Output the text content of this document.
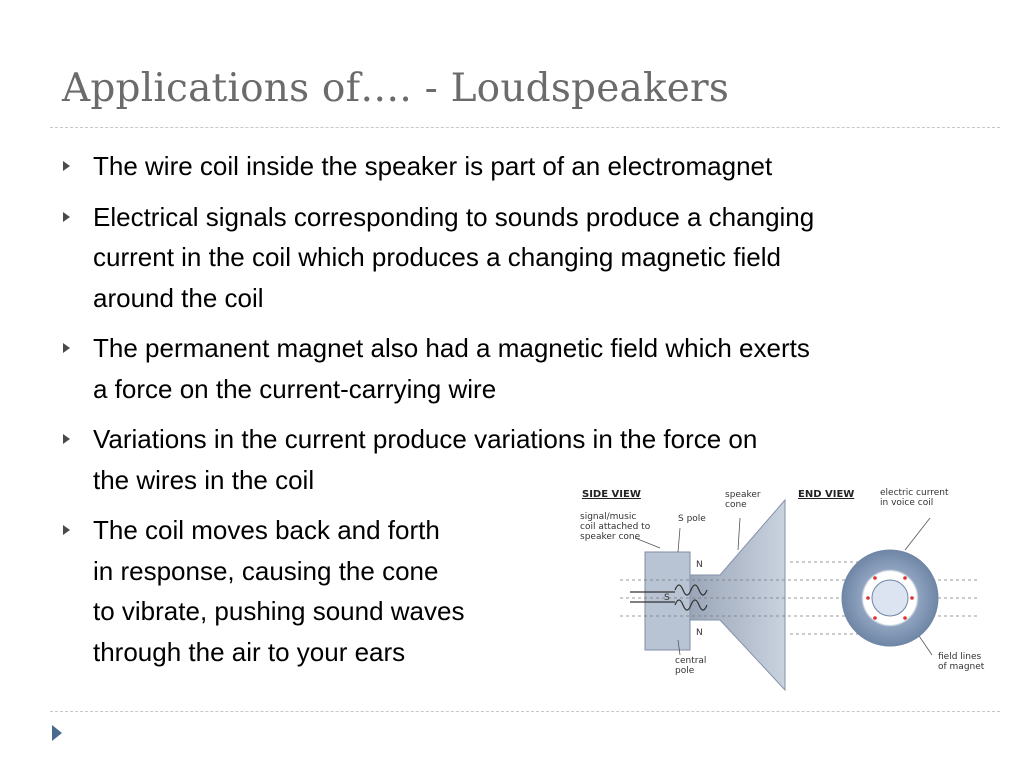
Applications of…. - Loudspeakers
The wire coil inside the speaker is part of an electromagnet
Electrical signals corresponding to sounds produce a changing
current in the coil which produces a changing magnetic field
around the coil
The permanent magnet also had a magnetic field which exerts
a force on the current-carrying wire
Variations in the current produce variations in the force on
the wires in the coil
The coil moves back and forth
in response, causing the cone
to vibrate, pushing sound waves
through the air to your ears
SIDE VIEW	END VIEW
speaker
cone
signal/music
coil attached to
speaker cone
electric current
in voice coil
S pole
central
pole
field lines
of magnet
N
S
N
